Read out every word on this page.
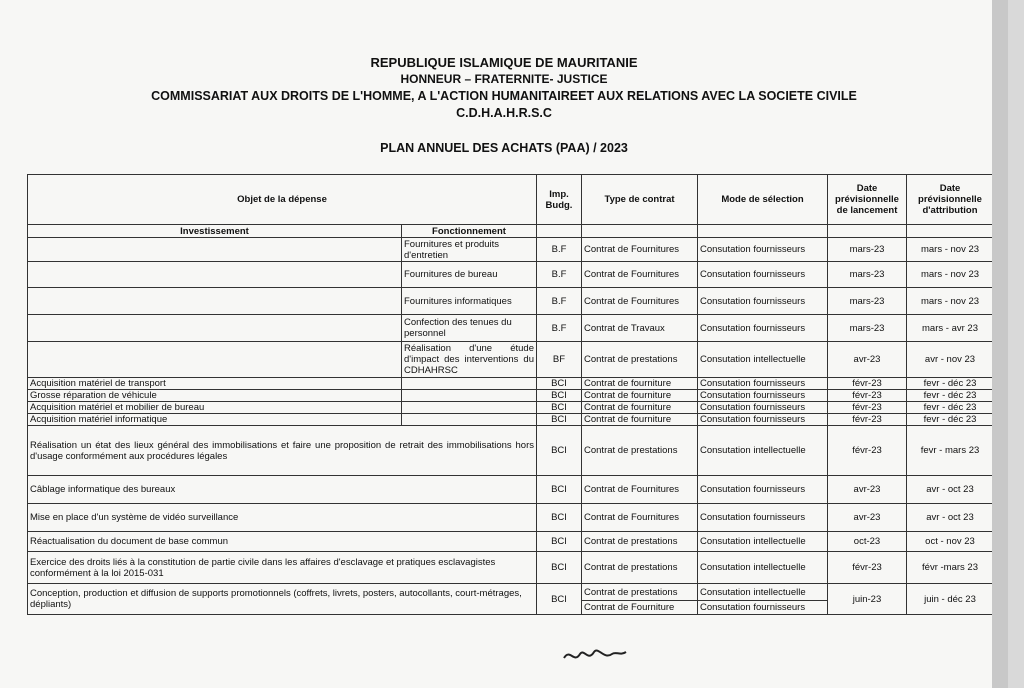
REPUBLIQUE ISLAMIQUE DE MAURITANIE
HONNEUR – FRATERNITE- JUSTICE
COMMISSARIAT AUX DROITS DE L'HOMME, A L'ACTION HUMANITAIREET AUX RELATIONS AVEC LA SOCIETE CIVILE
C.D.H.A.H.R.S.C
PLAN ANNUEL DES ACHATS (PAA) / 2023
Objet de la dépense		Imp. Budg.	Type de contrat	Mode de sélection	Date prévisionnelle de lancement	Date prévisionnelle d'attribution
Investissement	Fonctionnement					
	Fournitures et produits d'entretien	B.F	Contrat de Fournitures	Consutation fournisseurs	mars-23	mars - nov 23
	Fournitures de bureau	B.F	Contrat de Fournitures	Consutation fournisseurs	mars-23	mars - nov 23
	Fournitures informatiques	B.F	Contrat de Fournitures	Consutation fournisseurs	mars-23	mars - nov 23
	Confection des tenues du personnel	B.F	Contrat de Travaux	Consutation fournisseurs	mars-23	mars - avr 23
	Réalisation d'une étude d'impact des interventions du CDHAHRSC	BF	Contrat de prestations	Consutation intellectuelle	avr-23	avr - nov 23
Acquisition matériel de transport		BCI	Contrat de fourniture	Consutation fournisseurs	févr-23	fevr - déc 23
Grosse réparation de véhicule		BCI	Contrat de fourniture	Consutation fournisseurs	févr-23	fevr - déc 23
Acquisition matériel et mobilier de bureau		BCI	Contrat de fourniture	Consutation fournisseurs	févr-23	fevr - déc 23
Acquisition matériel informatique		BCI	Contrat de fourniture	Consutation fournisseurs	févr-23	fevr - déc 23
Réalisation un état des lieux général des immobilisations et faire une proposition de retrait des immobilisations hors d'usage conformément aux procédures légales		BCI	Contrat de prestations	Consutation intellectuelle	févr-23	fevr - mars 23
Câblage informatique des bureaux		BCI	Contrat de Fournitures	Consutation fournisseurs	avr-23	avr - oct 23
Mise en place d'un système de vidéo surveillance		BCI	Contrat de Fournitures	Consutation fournisseurs	avr-23	avr - oct 23
Réactualisation du document de base commun		BCI	Contrat de prestations	Consutation intellectuelle	oct-23	oct - nov 23
Exercice des droits liés à la constitution de partie civile dans les affaires d'esclavage et pratiques esclavagistes conformément à la loi 2015-031		BCI	Contrat de prestations	Consutation intellectuelle	févr-23	févr -mars 23
Conception, production et diffusion de supports promotionnels (coffrets, livrets, posters, autocollants, court-métrages, dépliants)		BCI	Contrat de prestations	Consutation intellectuelle	juin-23	juin - déc 23
			Contrat de Fourniture	Consutation fournisseurs		
